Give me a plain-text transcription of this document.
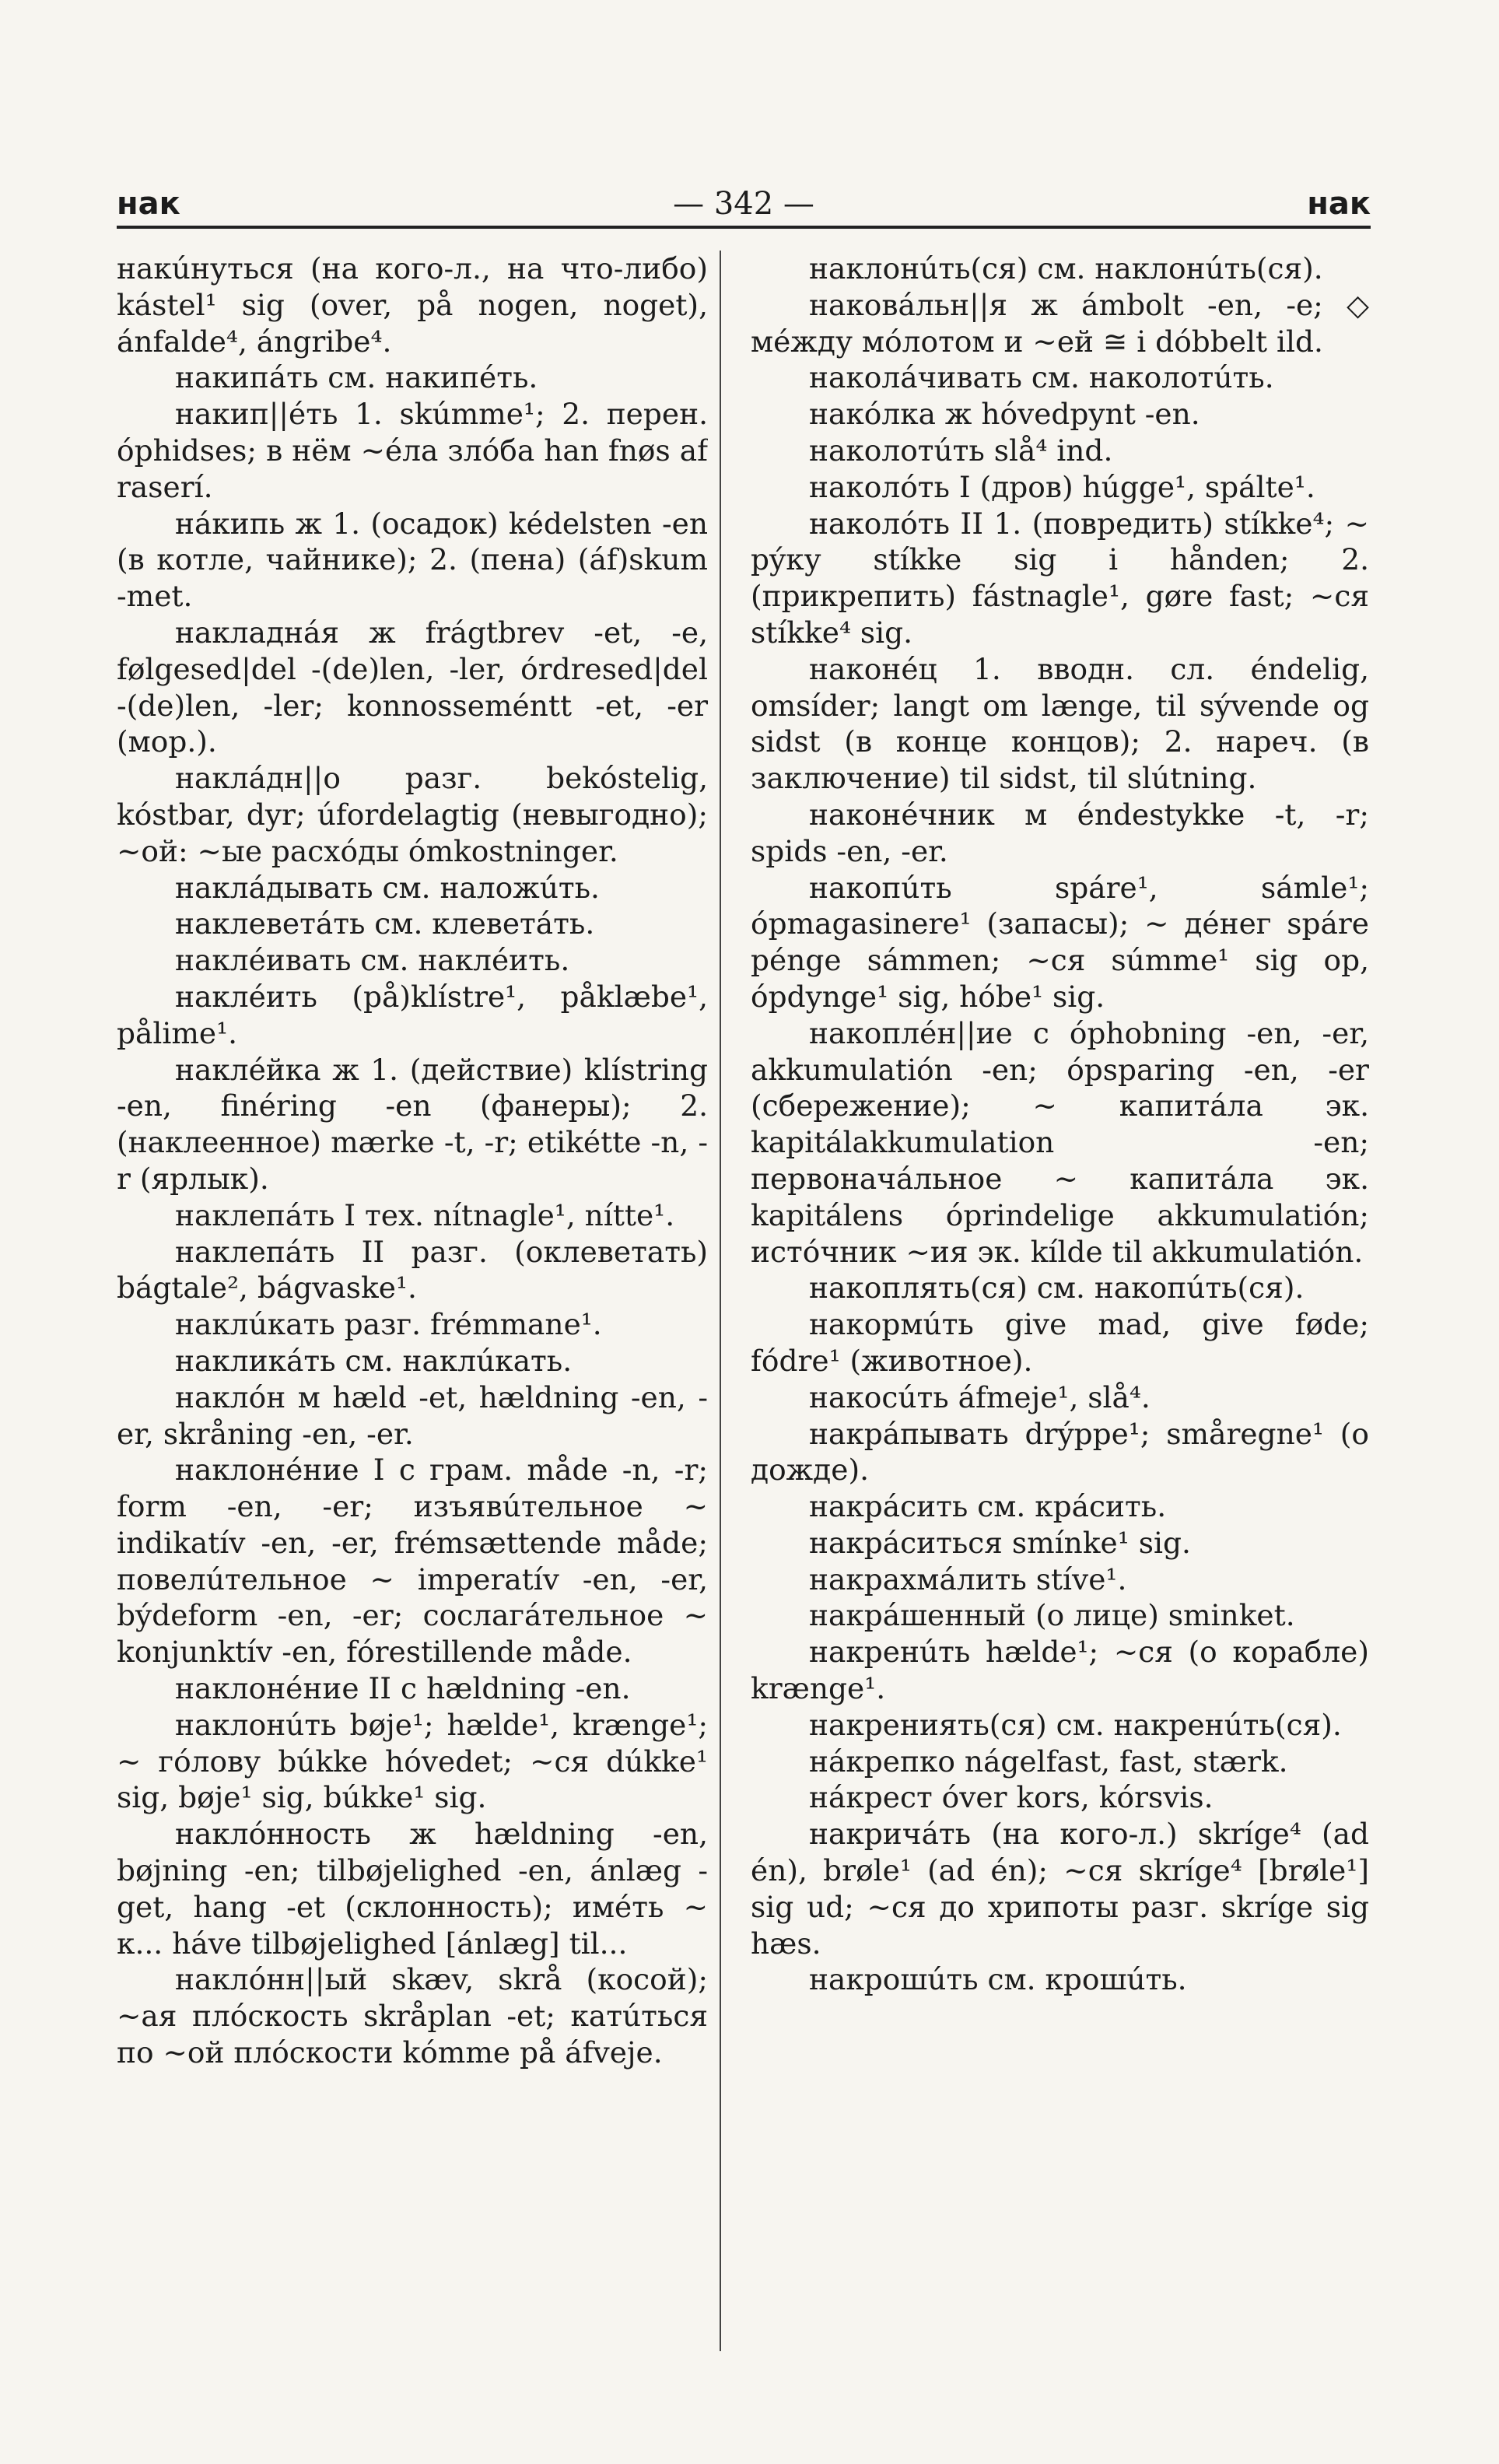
нак	— 342 —	нак

накúнуться (на кого-л., на что-либо) kástel¹ sig (over, på nogen, noget), ánfalde⁴, ángribe⁴.

накипáть см. накипéть.

накип||éть 1. skúmme¹; 2. перен. óphidses; в нём ~éла злóба han fnøs af raserí.

нáкипь ж 1. (осадок) kédelsten -en (в котле, чайнике); 2. (пена) (áf)skum -met.

накладнáя ж frágtbrev -et, -e, følgesed|del -(de)len, -ler, órdresed|del -(de)len, -ler; konnosseméntt -et, -er (мор.).

наклáдн||о разг. bekóstelig, kóstbar, dyr; úfordelagtig (невыгодно); ~ой: ~ые расхóды ómkostninger.

наклáдывать см. наложúть.

наклеветáть см. клеветáть.

наклéивать см. наклéить.

наклéить (på)klístre¹, påklæbe¹, pålime¹.

наклéйка ж 1. (действие) klístring -en, finéring -en (фанеры); 2. (наклеенное) mærke -t, -r; etikétte -n, -r (ярлык).

наклепáть I тех. nítnagle¹, nítte¹.

наклепáть II разг. (оклеветать) bágtale², bágvaske¹.

наклúкать разг. frémmane¹.

накликáть см. наклúкать.

наклóн м hæld -et, hældning -en, -er, skråning -en, -er.

наклонéние I с грам. måde -n, -r; form -en, -er; изъявúтельное ~ indikatív -en, -er, frémsættende måde; повелúтельное ~ imperatív -en, -er, býdeform -en, -er; сослагáтельное ~ konjunktív -en, fórestillende måde.

наклонéние II с hældning -en.

наклонúть bøje¹; hælde¹, krænge¹; ~ гóлову búkke hóvedet; ~ся dúkke¹ sig, bøje¹ sig, búkke¹ sig.

наклóнность ж hældning -en, bøjning -en; tilbøjelighed -en, ánlæg -get, hang -et (склонность); имéть ~ к... háve tilbøjelighed [ánlæg] til...

наклóнн||ый skæv, skrå (косой); ~ая плóскость skråplan -et; катúться по ~ой плóскости kómme på áfveje.

наклонúть(ся) см. наклонúть(ся).

накoвáльн||я ж ámbolt -en, -e; ◇ мéжду мóлотом и ~ей ≅ i dóbbelt ild.

наколáчивать см. наколотúть.

накóлка ж hóvedpynt -en.

наколотúть slå⁴ ind.

наколóть I (дров) húgge¹, spálte¹.

наколóть II 1. (повредить) stíkke⁴; ~ рýку stíkke sig i hånden; 2. (прикрепить) fástnagle¹, gøre fast; ~ся stíkke⁴ sig.

наконéц 1. вводн. сл. éndelig, omsíder; langt om længe, til sývende og sidst (в конце концов); 2. нареч. (в заключение) til sidst, til slútning.

наконéчник м éndestykke -t, -r; spids -en, -er.

накопúть spáre¹, sámle¹; ópmagasinere¹ (запасы); ~ дéнег spáre pénge sámmen; ~ся súmme¹ sig op, ópdynge¹ sig, hóbe¹ sig.

накоплéн||ие с óphobning -en, -er, akkumulatión -en; ópsparing -en, -er (сбережение); ~ капитáла эк. kapitálakkumulation -en; первоначáльное ~ капитáла эк. kapitálens óprindelige akkumulatión; истóчник ~ия эк. kílde til akkumulatión.

накоплять(ся) см. накопúть(ся).

накормúть give mad, give føde; fódre¹ (животное).

накосúть áfmeje¹, slå⁴.

накрáпывать drýppe¹; småregne¹ (о дожде).

накрáсить см. крáсить.

накрáситься smínke¹ sig.

накрахмáлить stíve¹.

накрáшенный (о лице) sminket.

накренúть hælde¹; ~ся (о корабле) krænge¹.

накрениять(ся) см. накренúть(ся).

нáкрепко nágelfast, fast, stærk.

нáкрест óver kors, kórsvis.

накричáть (на кого-л.) skríge⁴ (ad én), brøle¹ (ad én); ~ся skríge⁴ [brøle¹] sig ud; ~ся до хрипоты разг. skríge sig hæs.

накрошúть см. крошúть.
